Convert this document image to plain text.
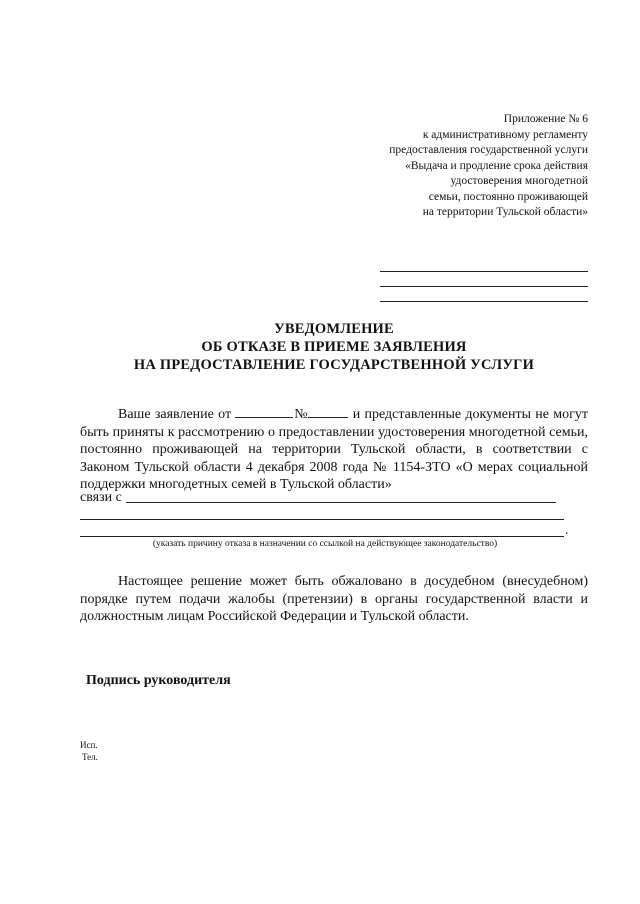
Приложение № 6
к административному регламенту
предоставления государственной услуги
«Выдача и продление срока действия
удостоверения многодетной
семьи, постоянно проживающей
на территории Тульской области»
УВЕДОМЛЕНИЕ
ОБ ОТКАЗЕ В ПРИЕМЕ ЗАЯВЛЕНИЯ
НА ПРЕДОСТАВЛЕНИЕ ГОСУДАРСТВЕННОЙ УСЛУГИ
Ваше заявление от	№	и представленные документы не могут быть приняты к рассмотрению о предоставлении удостоверения многодетной семьи, постоянно проживающей на территории Тульской области, в соответствии с Законом Тульской области 4 декабря 2008 года № 1154-ЗТО «О мерах социальной поддержки многодетных семей в Тульской области»
связи с
.
(указать причину отказа в назначении со ссылкой на действующее законодательство)
Настоящее решение может быть обжаловано в досудебном (внесудебном) порядке путем подачи жалобы (претензии) в органы государственной власти и должностным лицам Российской Федерации и Тульской области.
Подпись руководителя
Исп.
Тел.
